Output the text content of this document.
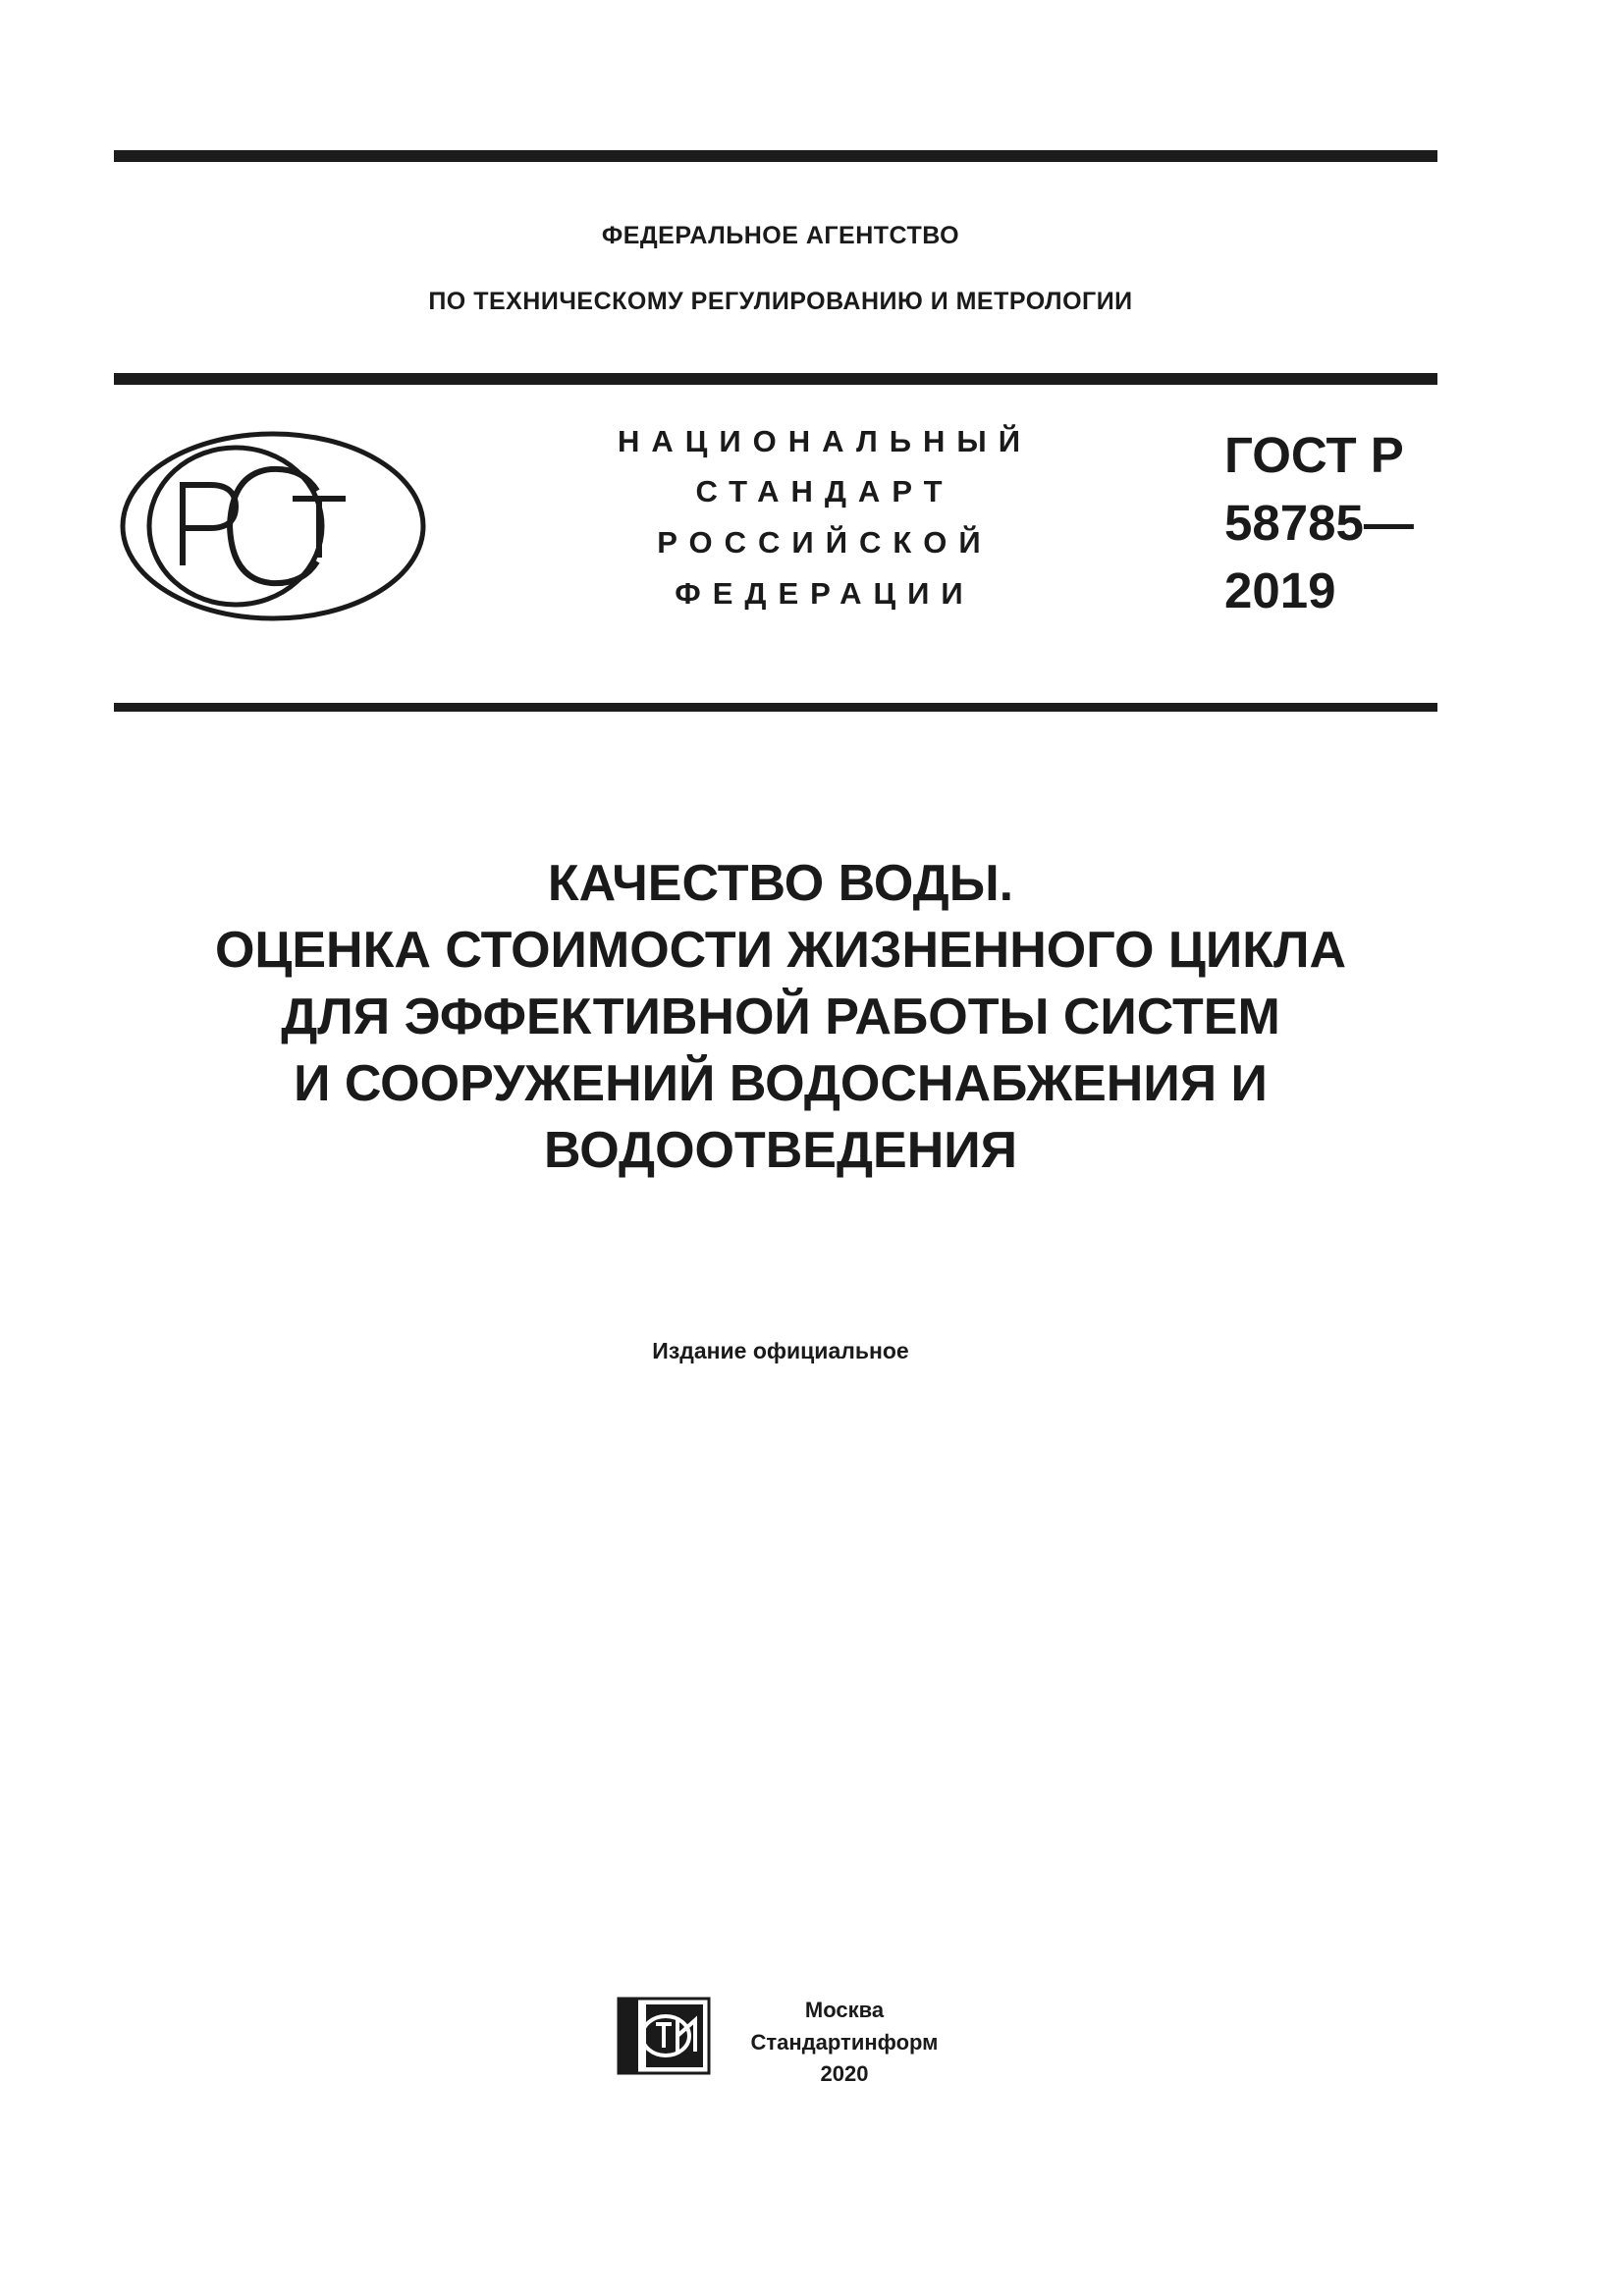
ФЕДЕРАЛЬНОЕ АГЕНТСТВО
ПО ТЕХНИЧЕСКОМУ РЕГУЛИРОВАНИЮ И МЕТРОЛОГИИ
НАЦИОНАЛЬНЫЙ
СТАНДАРТ
РОССИЙСКОЙ
ФЕДЕРАЦИИ
ГОСТ Р
58785—
2019
КАЧЕСТВО ВОДЫ.
ОЦЕНКА СТОИМОСТИ ЖИЗНЕННОГО ЦИКЛА
ДЛЯ ЭФФЕКТИВНОЙ РАБОТЫ СИСТЕМ
И СООРУЖЕНИЙ ВОДОСНАБЖЕНИЯ И
ВОДООТВЕДЕНИЯ
Издание официальное
Москва
Стандартинформ
2020
